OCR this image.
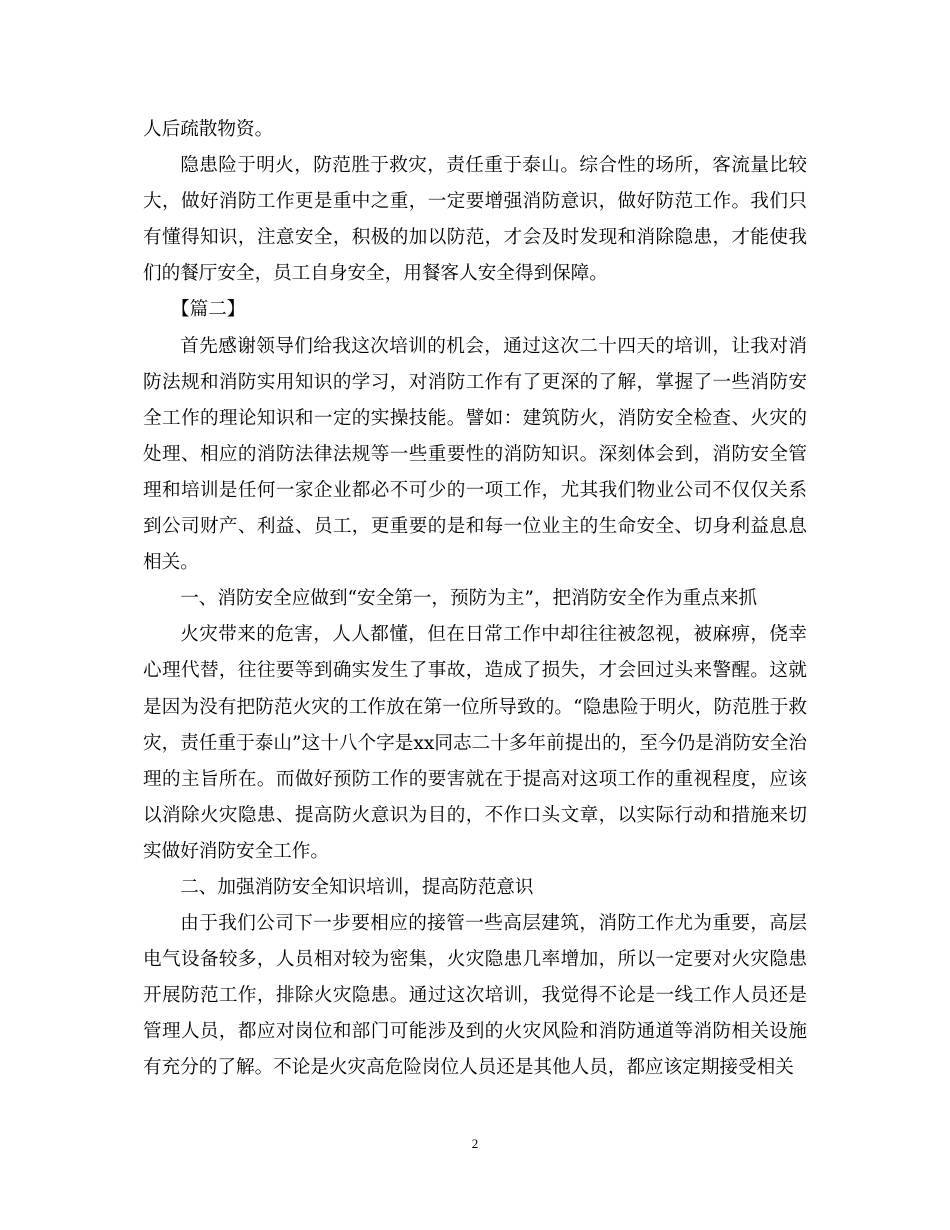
人后疏散物资。

隐患险于明火，防范胜于救灾，责任重于泰山。综合性的场所，客流量比较大，做好消防工作更是重中之重，一定要增强消防意识，做好防范工作。我们只有懂得知识，注意安全，积极的加以防范，才会及时发现和消除隐患，才能使我们的餐厅安全，员工自身安全，用餐客人安全得到保障。

【篇二】

首先感谢领导们给我这次培训的机会，通过这次二十四天的培训，让我对消防法规和消防实用知识的学习，对消防工作有了更深的了解，掌握了一些消防安全工作的理论知识和一定的实操技能。譬如：建筑防火，消防安全检查、火灾的处理、相应的消防法律法规等一些重要性的消防知识。深刻体会到，消防安全管理和培训是任何一家企业都必不可少的一项工作，尤其我们物业公司不仅仅关系到公司财产、利益、员工，更重要的是和每一位业主的生命安全、切身利益息息相关。

一、消防安全应做到“安全第一，预防为主”，把消防安全作为重点来抓

火灾带来的危害，人人都懂，但在日常工作中却往往被忽视，被麻痹，侥幸心理代替，往往要等到确实发生了事故，造成了损失，才会回过头来警醒。这就是因为没有把防范火灾的工作放在第一位所导致的。“隐患险于明火，防范胜于救灾，责任重于泰山”这十八个字是xx同志二十多年前提出的，至今仍是消防安全治理的主旨所在。而做好预防工作的要害就在于提高对这项工作的重视程度，应该以消除火灾隐患、提高防火意识为目的，不作口头文章，以实际行动和措施来切实做好消防安全工作。

二、加强消防安全知识培训，提高防范意识

由于我们公司下一步要相应的接管一些高层建筑，消防工作尤为重要，高层电气设备较多，人员相对较为密集，火灾隐患几率增加，所以一定要对火灾隐患开展防范工作，排除火灾隐患。通过这次培训，我觉得不论是一线工作人员还是管理人员，都应对岗位和部门可能涉及到的火灾风险和消防通道等消防相关设施有充分的了解。不论是火灾高危险岗位人员还是其他人员，都应该定期接受相关

2
